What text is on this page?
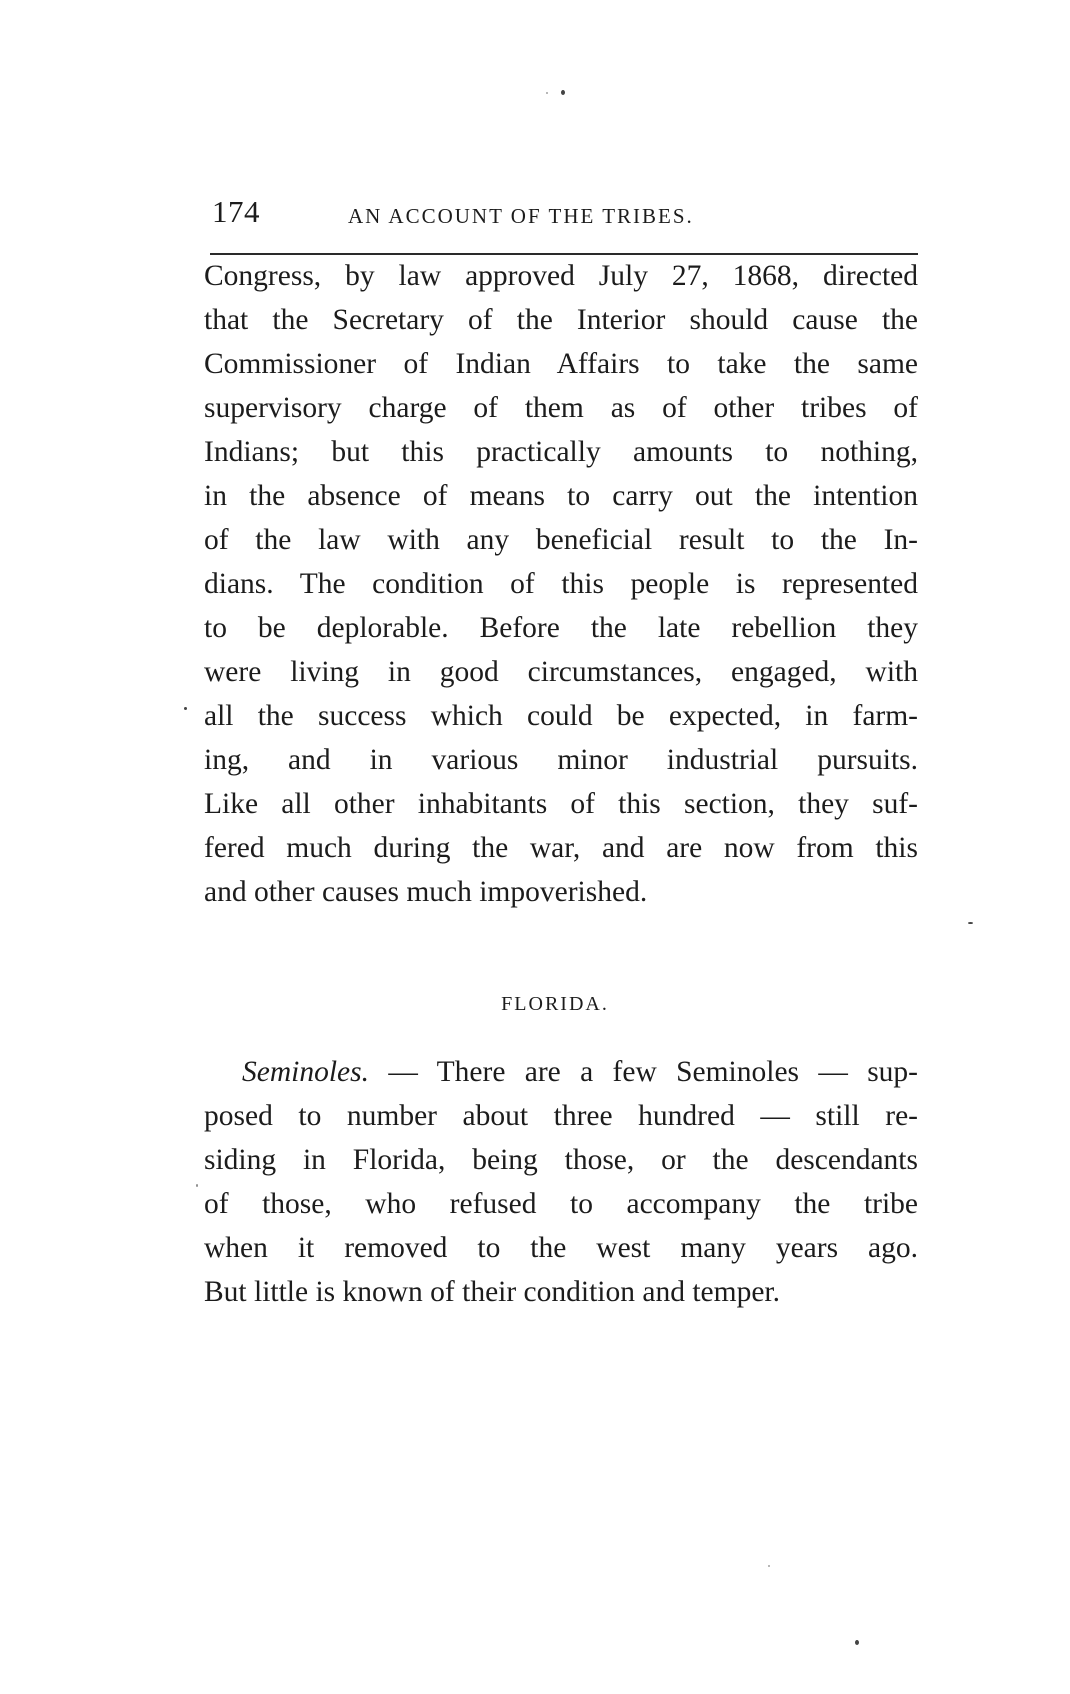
174	AN ACCOUNT OF THE TRIBES.
Congress, by law approved July 27, 1868, directed
that the Secretary of the Interior should cause the
Commissioner of Indian Affairs to take the same
supervisory charge of them as of other tribes of
Indians; but this practically amounts to nothing,
in the absence of means to carry out the intention
of the law with any beneficial result to the In-
dians. The condition of this people is represented
to be deplorable. Before the late rebellion they
were living in good circumstances, engaged, with
all the success which could be expected, in farm-
ing, and in various minor industrial pursuits.
Like all other inhabitants of this section, they suf-
fered much during the war, and are now from this
and other causes much impoverished.
FLORIDA.
Seminoles. — There are a few Seminoles — sup-
posed to number about three hundred — still re-
siding in Florida, being those, or the descendants
of those, who refused to accompany the tribe
when it removed to the west many years ago.
But little is known of their condition and temper.
